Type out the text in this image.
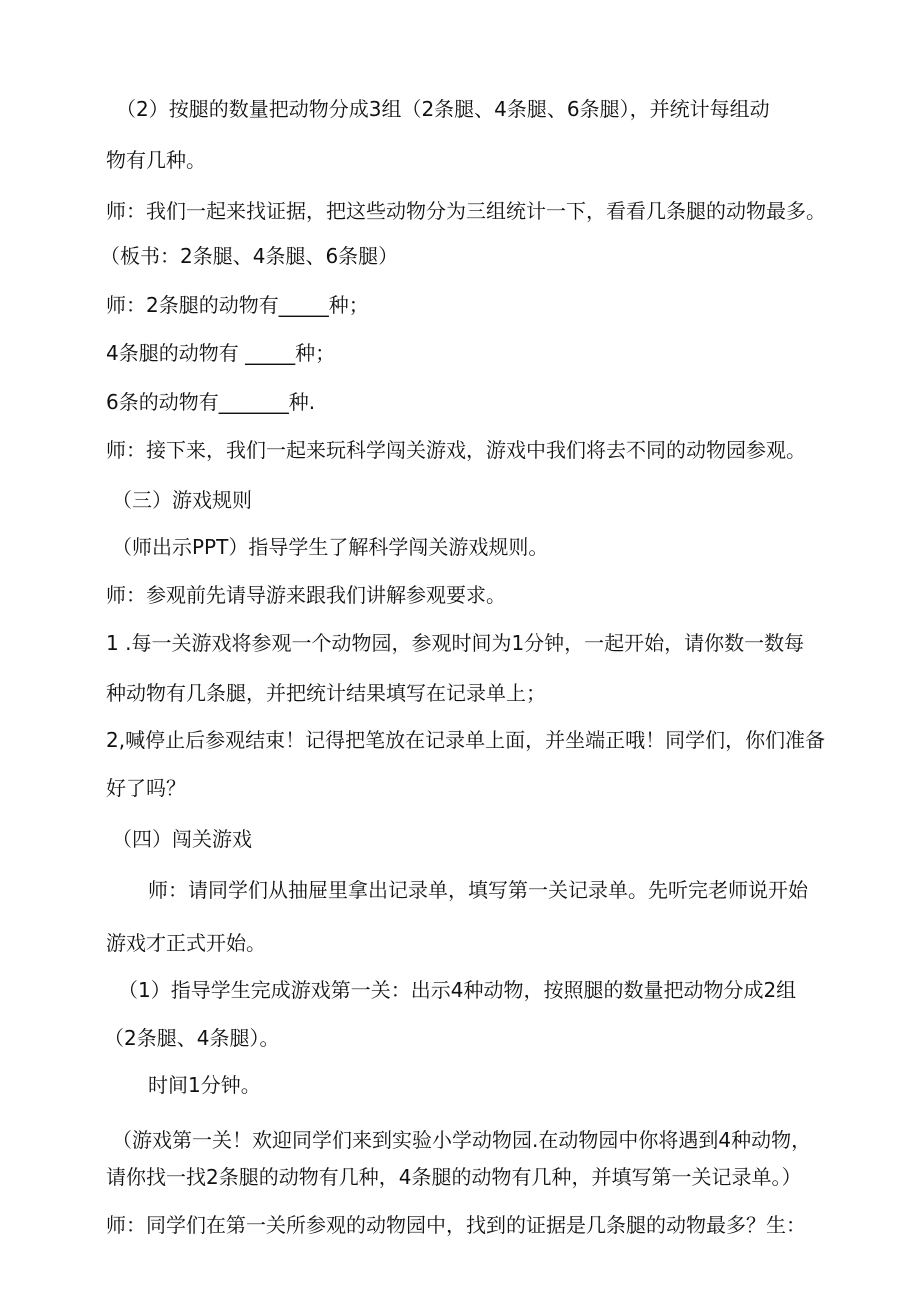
（2）按腿的数量把动物分成3组（2条腿、4条腿、6条腿），并统计每组动
物有几种。
师：我们一起来找证据，把这些动物分为三组统计一下，看看几条腿的动物最多。
（板书：2条腿、4条腿、6条腿）
师：2条腿的动物有_____种；
4条腿的动物有 _____种；
6条的动物有_______种.
师：接下来，我们一起来玩科学闯关游戏，游戏中我们将去不同的动物园参观。
（三）游戏规则
（师出示PPT）指导学生了解科学闯关游戏规则。
师：参观前先请导游来跟我们讲解参观要求。
1 .每一关游戏将参观一个动物园，参观时间为1分钟，一起开始，请你数一数每
种动物有几条腿，并把统计结果填写在记录单上；
2,喊停止后参观结束！记得把笔放在记录单上面，并坐端正哦！同学们，你们准备
好了吗？
（四）闯关游戏
师：请同学们从抽屉里拿出记录单，填写第一关记录单。先听完老师说开始
游戏才正式开始。
（1）指导学生完成游戏第一关：出示4种动物，按照腿的数量把动物分成2组
（2条腿、4条腿）。
时间1分钟。
（游戏第一关！欢迎同学们来到实验小学动物园.在动物园中你将遇到4种动物，
请你找一找2条腿的动物有几种，4条腿的动物有几种，并填写第一关记录单。）
师：同学们在第一关所参观的动物园中，找到的证据是几条腿的动物最多？生：
